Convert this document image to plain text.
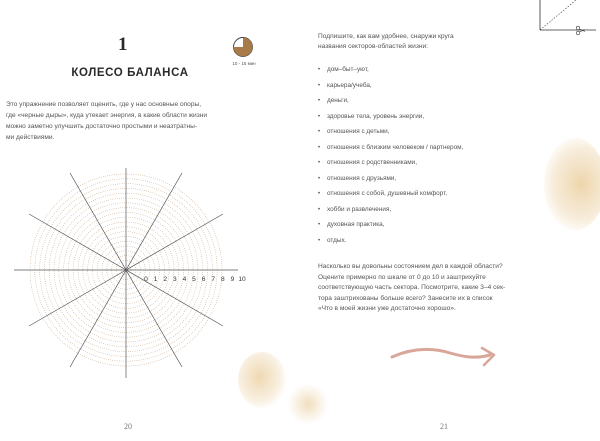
1
10 - 15 мин
КОЛЕСО БАЛАНСА

Это упражнение позволяет оценить, где у нас основные опоры,
где «черные дыры», куда утекает энергия, в какие области жизни
можно заметно улучшить достаточно простыми и неазтратны-
ми действиями.

0 1 2 3 4 5 6 7 8 9 10
20

Подпишите, как вам удобнее, снаружи круга
названия секторов-областей жизни:

• дом–быт–уют,
• карьера/учеба,
• деньги,
• здоровье тела, уровень энергии,
• отношения с детьми,
• отношения с близким человеком / партнером,
• отношения с родственниками,
• отношения с друзьями,
• отношения с собой, душевный комфорт,
• хобби и развлечения,
• духовная практика,
• отдых.

Насколько вы довольны состоянием дел в каждой области?
Оцените примерно по шкале от 0 до 10 и заштрихуйте
соответствующую часть сектора. Посмотрите, какие 3–4 сек-
тора заштрихованы больше всего? Занесите их в список
«Что в моей жизни уже достаточно хорошо».

21
